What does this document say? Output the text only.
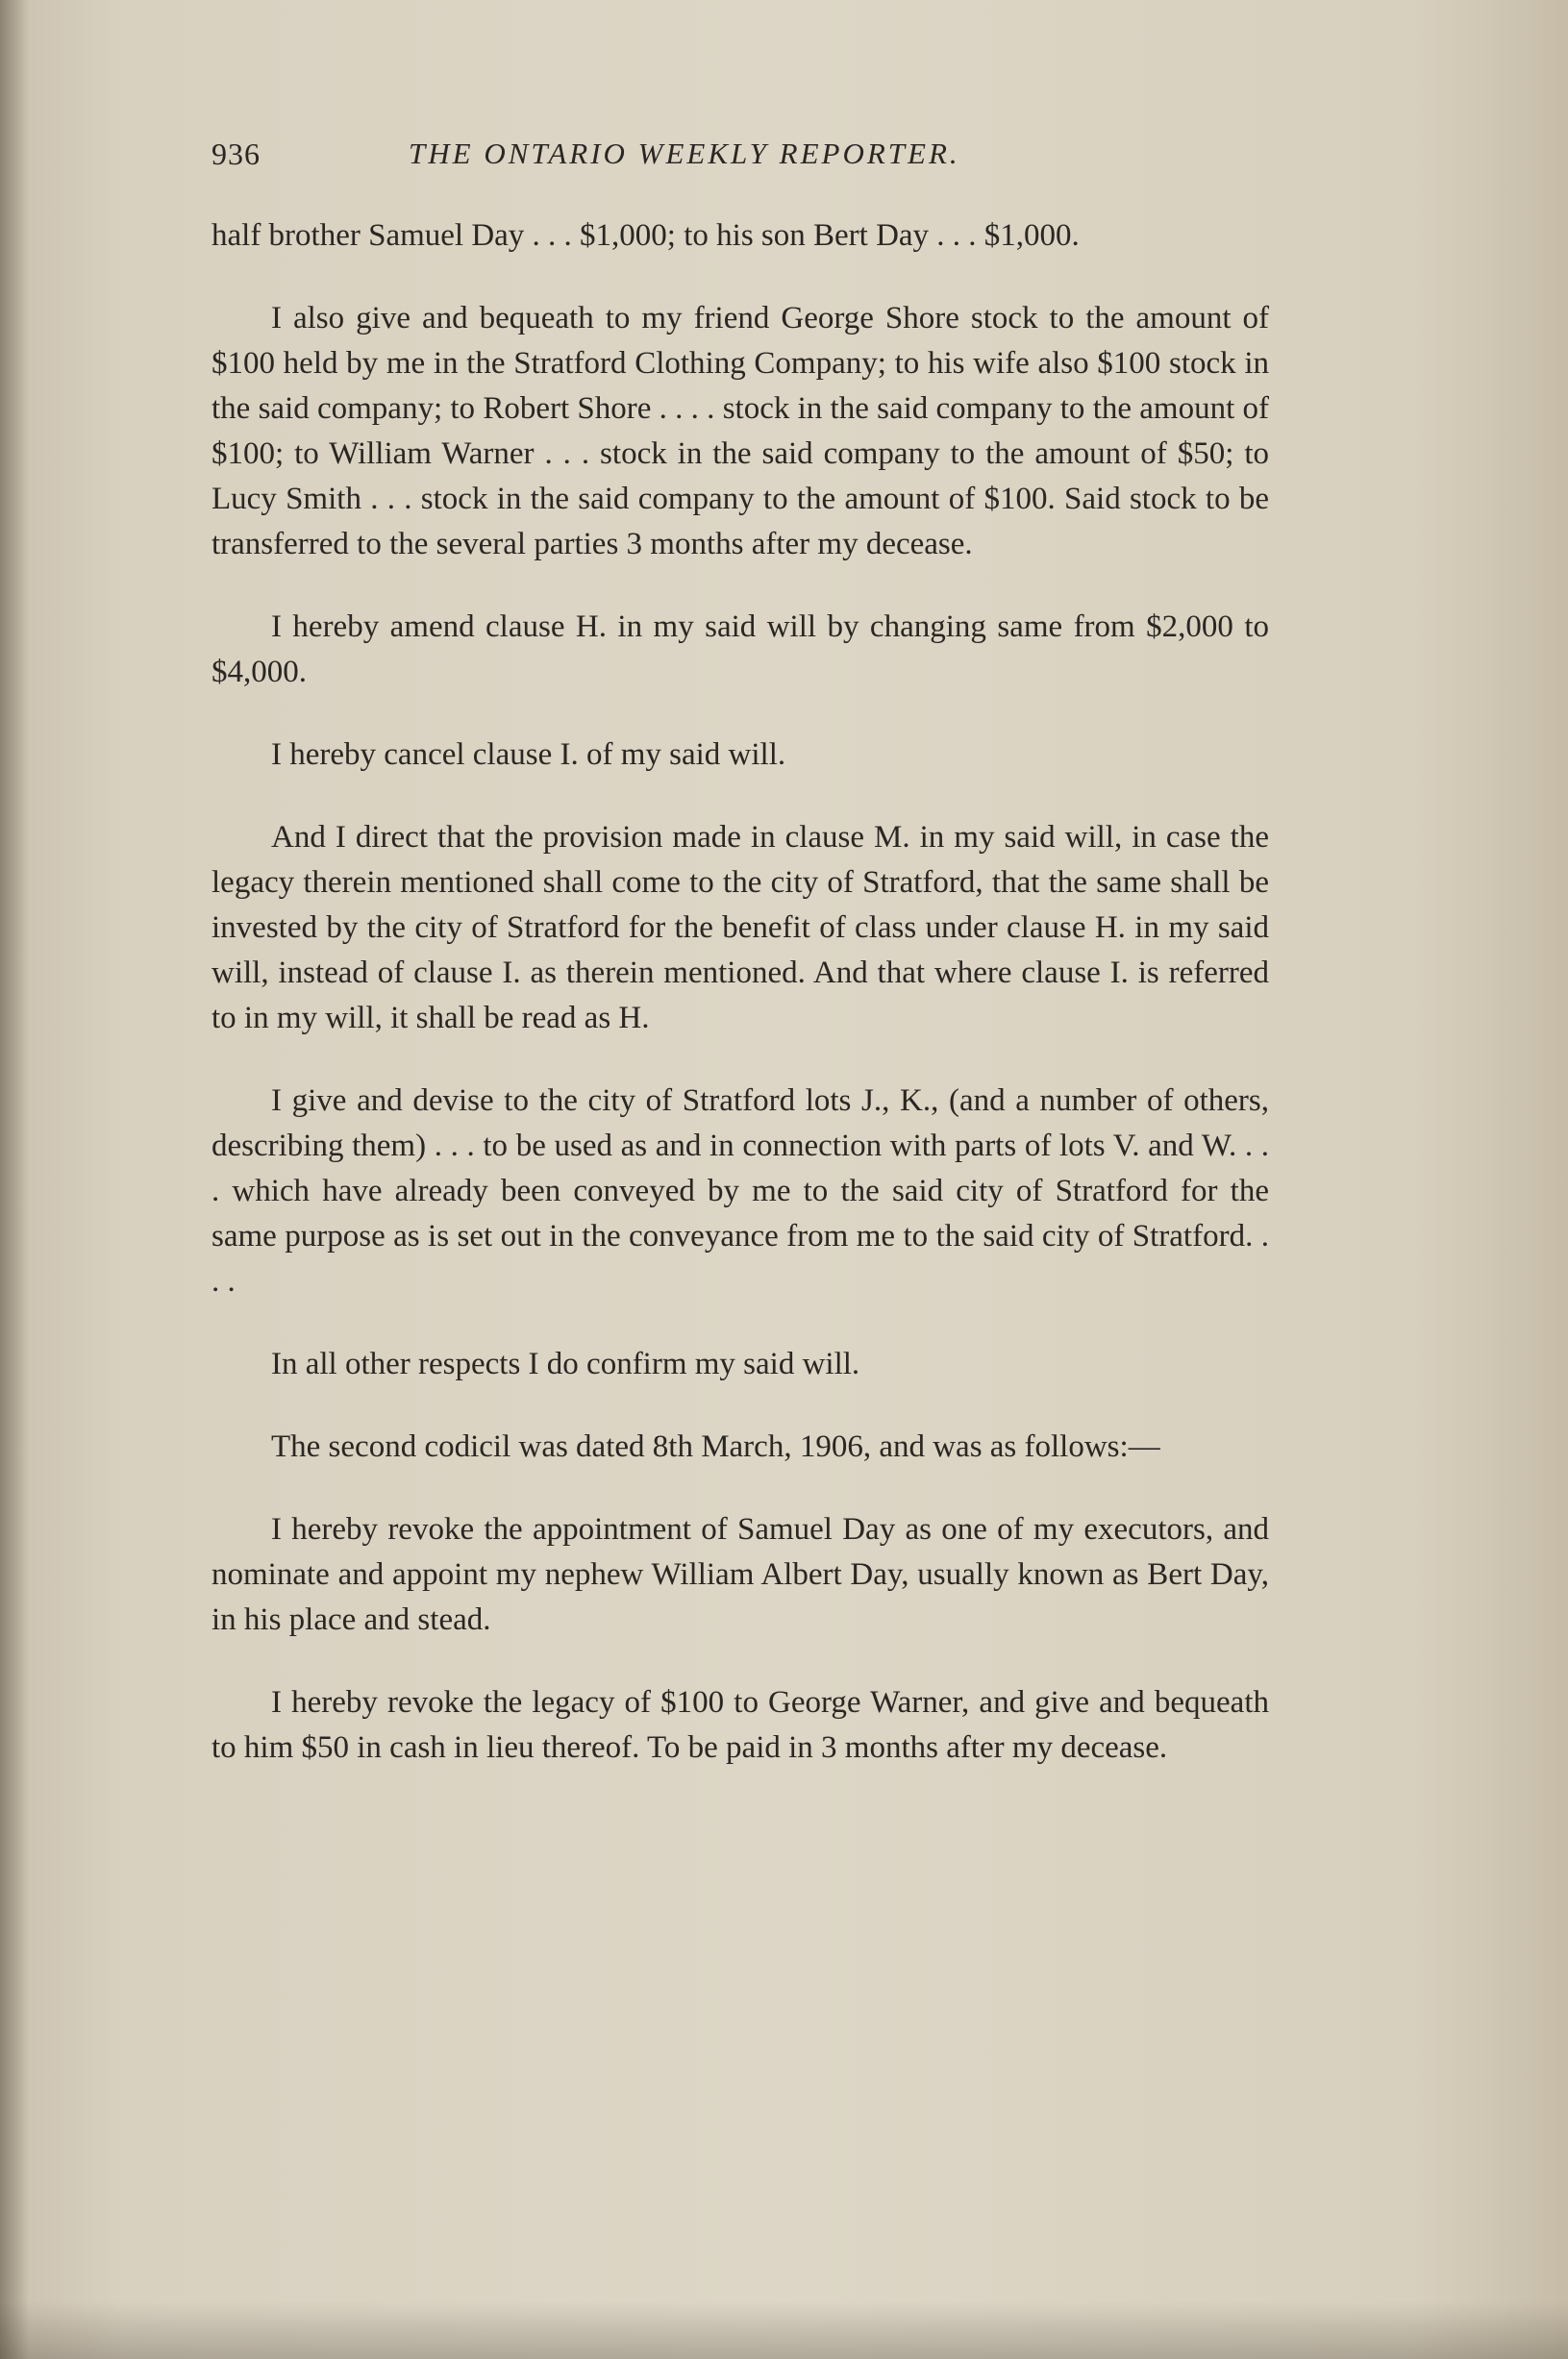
936	THE ONTARIO WEEKLY REPORTER.

half brother Samuel Day . . . $1,000; to his son Bert Day . . . $1,000.

I also give and bequeath to my friend George Shore stock to the amount of $100 held by me in the Stratford Clothing Company; to his wife also $100 stock in the said company; to Robert Shore . . . . stock in the said company to the amount of $100; to William Warner . . . stock in the said company to the amount of $50; to Lucy Smith . . . stock in the said company to the amount of $100. Said stock to be transferred to the several parties 3 months after my decease.

I hereby amend clause H. in my said will by changing same from $2,000 to $4,000.

I hereby cancel clause I. of my said will.

And I direct that the provision made in clause M. in my said will, in case the legacy therein mentioned shall come to the city of Stratford, that the same shall be invested by the city of Stratford for the benefit of class under clause H. in my said will, instead of clause I. as therein mentioned. And that where clause I. is referred to in my will, it shall be read as H.

I give and devise to the city of Stratford lots J., K., (and a number of others, describing them) . . . to be used as and in connection with parts of lots V. and W. . . . which have already been conveyed by me to the said city of Stratford for the same purpose as is set out in the conveyance from me to the said city of Stratford. . . .

In all other respects I do confirm my said will.

The second codicil was dated 8th March, 1906, and was as follows:—

I hereby revoke the appointment of Samuel Day as one of my executors, and nominate and appoint my nephew William Albert Day, usually known as Bert Day, in his place and stead.

I hereby revoke the legacy of $100 to George Warner, and give and bequeath to him $50 in cash in lieu thereof. To be paid in 3 months after my decease.
